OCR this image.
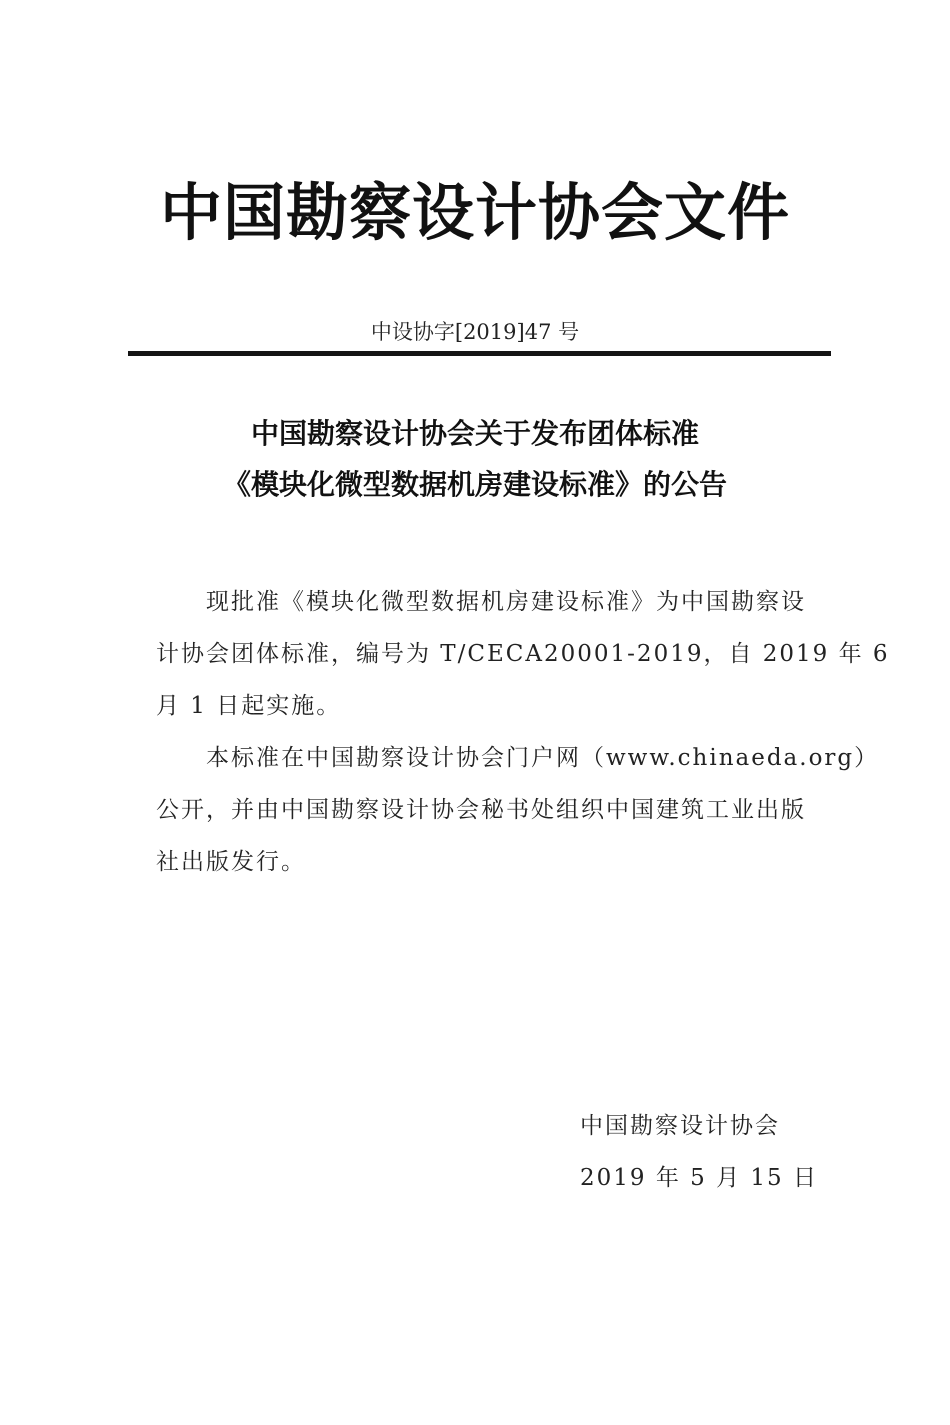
中国勘察设计协会文件
中设协字[2019]47 号
中国勘察设计协会关于发布团体标准
《模块化微型数据机房建设标准》的公告
现批准《模块化微型数据机房建设标准》为中国勘察设
计协会团体标准，编号为 T/CECA20001-2019，自 2019 年 6
月 1 日起实施。
本标准在中国勘察设计协会门户网（www.chinaeda.org）
公开，并由中国勘察设计协会秘书处组织中国建筑工业出版
社出版发行。
中国勘察设计协会
2019 年 5 月 15 日
